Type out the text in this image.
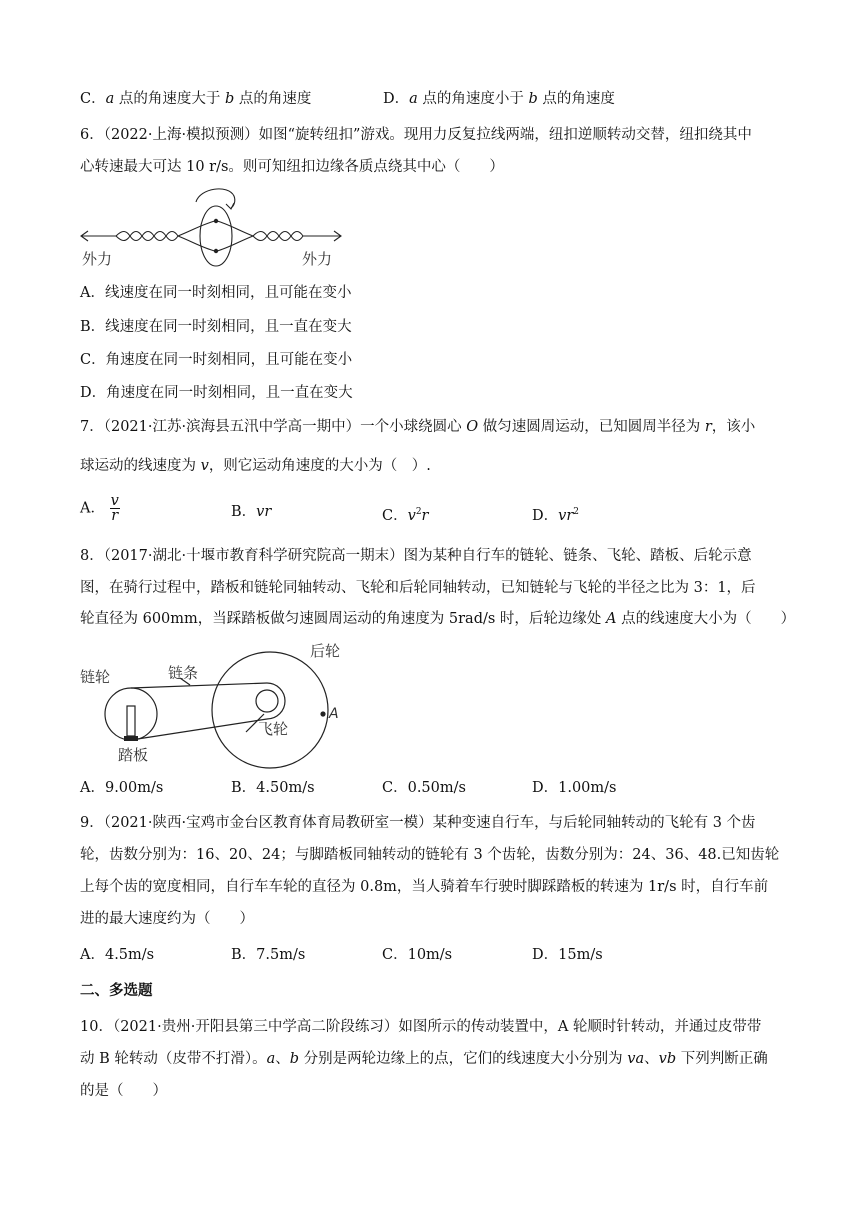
C．a 点的角速度大于 b 点的角速度	D．a 点的角速度小于 b 点的角速度
6．（2022·上海·模拟预测）如图“旋转纽扣”游戏。现用力反复拉线两端，纽扣逆顺转动交替，纽扣绕其中
心转速最大可达 10 r/s。则可知纽扣边缘各质点绕其中心（　　）
外力	外力
A．线速度在同一时刻相同，且可能在变小
B．线速度在同一时刻相同，且一直在变大
C．角速度在同一时刻相同，且可能在变小
D．角速度在同一时刻相同，且一直在变大
7．（2021·江苏·滨海县五汛中学高一期中）一个小球绕圆心 O 做匀速圆周运动，已知圆周半径为 r，该小
球运动的线速度为 v，则它运动角速度的大小为（　）.
A． $\frac{v}{r}$	B．vr	C．$v^2r$	D．$vr^2$
8．（2017·湖北·十堰市教育科学研究院高一期末）图为某种自行车的链轮、链条、飞轮、踏板、后轮示意
图，在骑行过程中，踏板和链轮同轴转动、飞轮和后轮同轴转动，已知链轮与飞轮的半径之比为 3：1，后
轮直径为 600mm，当踩踏板做匀速圆周运动的角速度为 5rad/s 时，后轮边缘处 A 点的线速度大小为（　　）
链轮	链条
后轮
飞轮
踏板
A
A．9.00m/s	B．4.50m/s	C．0.50m/s	D．1.00m/s
9．（2021·陕西·宝鸡市金台区教育体育局教研室一模）某种变速自行车，与后轮同轴转动的飞轮有 3 个齿
轮，齿数分别为：16、20、24；与脚踏板同轴转动的链轮有 3 个齿轮，齿数分别为：24、36、48.已知齿轮
上每个齿的宽度相同，自行车车轮的直径为 0.8m，当人骑着车行驶时脚踩踏板的转速为 1r/s 时，自行车前
进的最大速度约为（　　）
A．4.5m/s	B．7.5m/s	C．10m/s	D．15m/s
二、多选题
10．（2021·贵州·开阳县第三中学高二阶段练习）如图所示的传动装置中，A 轮顺时针转动，并通过皮带带
动 B 轮转动（皮带不打滑）。a、b 分别是两轮边缘上的点，它们的线速度大小分别为 va、vb 下列判断正确
的是（　　）
